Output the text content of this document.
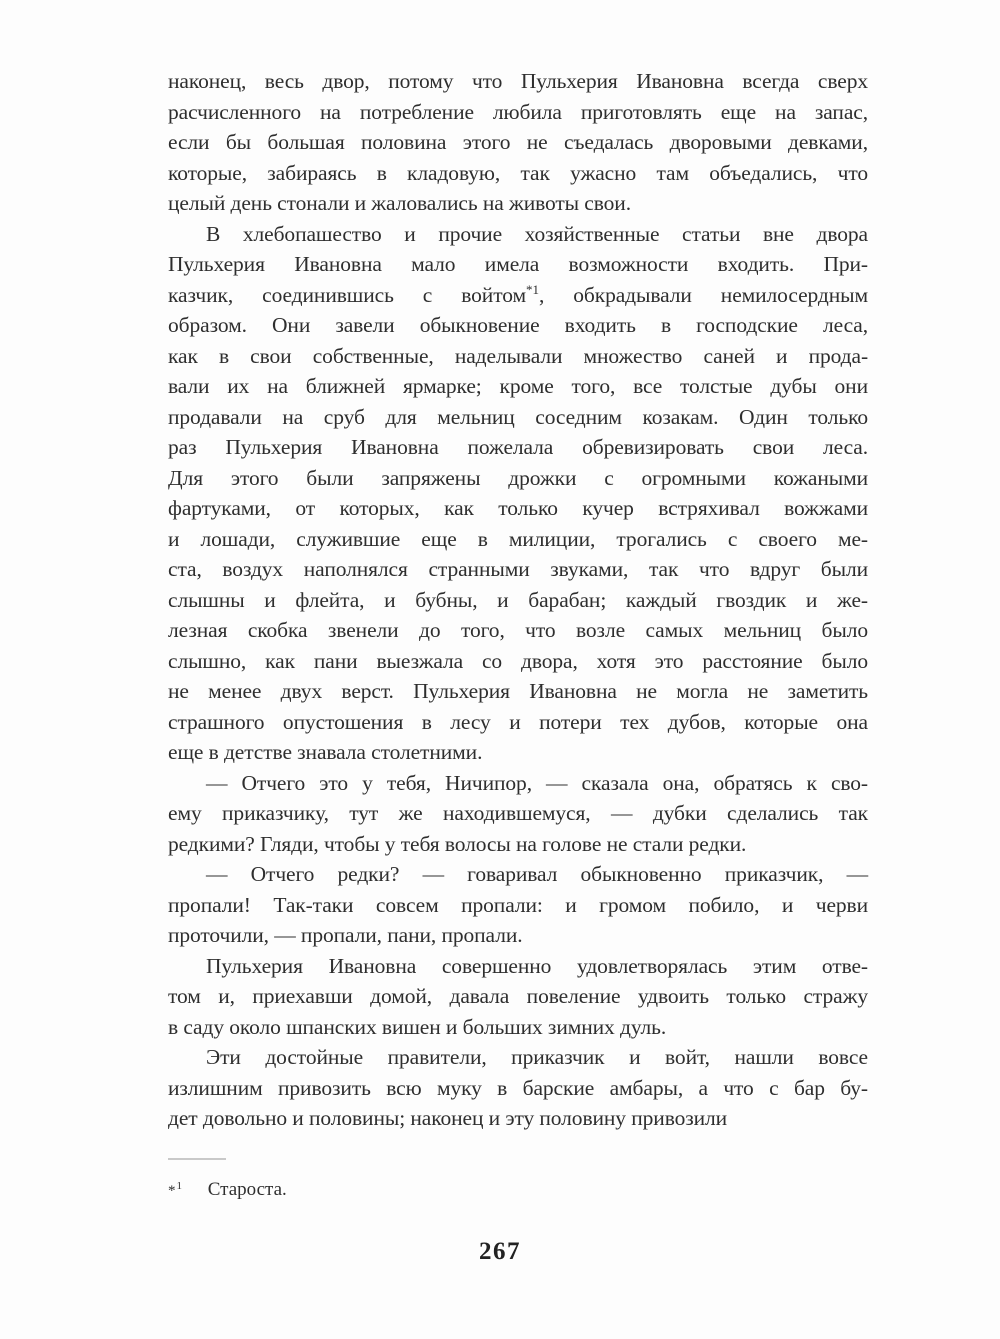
наконец, весь двор, потому что Пульхерия Ивановна всегда сверх
расчисленного на потребление любила приготовлять еще на запас,
если бы большая половина этого не съедалась дворовыми девками,
которые, забираясь в кладовую, так ужасно там объедались, что
целый день стонали и жаловались на животы свои.
В хлебопашество и прочие хозяйственные статьи вне двора
Пульхерия Ивановна мало имела возможности входить. При-
казчик, соединившись с войтом$^{*1}$, обкрадывали немилосердным
образом. Они завели обыкновение входить в господские леса,
как в свои собственные, наделывали множество саней и прода-
вали их на ближней ярмарке; кроме того, все толстые дубы они
продавали на сруб для мельниц соседним козакам. Один только
раз Пульхерия Ивановна пожелала обревизировать свои леса.
Для этого были запряжены дрожки с огромными кожаными
фартуками, от которых, как только кучер встряхивал вожжами
и лошади, служившие еще в милиции, трогались с своего ме-
ста, воздух наполнялся странными звуками, так что вдруг были
слышны и флейта, и бубны, и барабан; каждый гвоздик и же-
лезная скобка звенели до того, что возле самых мельниц было
слышно, как пани выезжала со двора, хотя это расстояние было
не менее двух верст. Пульхерия Ивановна не могла не заметить
страшного опустошения в лесу и потери тех дубов, которые она
еще в детстве знавала столетними.
— Отчего это у тебя, Ничипор, — сказала она, обратясь к сво-
ему приказчику, тут же находившемуся, — дубки сделались так
редкими? Гляди, чтобы у тебя волосы на голове не стали редки.
— Отчего редки? — говаривал обыкновенно приказчик, —
пропали! Так-таки совсем пропали: и громом побило, и черви
проточили, — пропали, пани, пропали.
Пульхерия Ивановна совершенно удовлетворялась этим отве-
том и, приехавши домой, давала повеление удвоить только стражу
в саду около шпанских вишен и больших зимних дуль.
Эти достойные правители, приказчик и войт, нашли вовсе
излишним привозить всю муку в барские амбары, а что с бар бу-
дет довольно и половины; наконец и эту половину привозили
*$^1$ Староста.
267
